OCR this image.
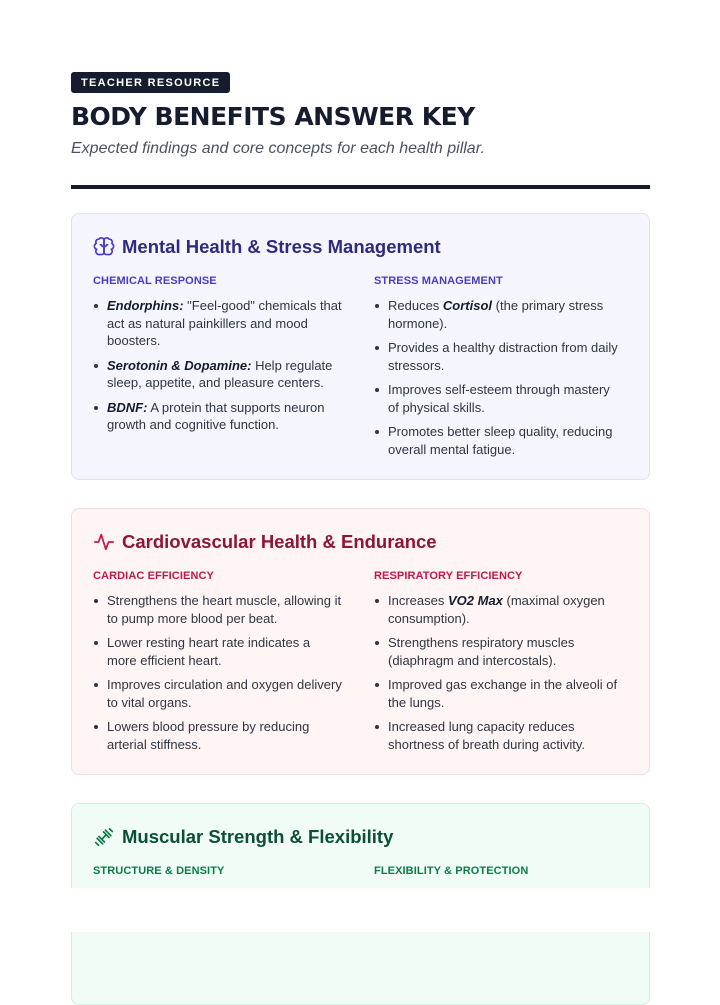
TEACHER RESOURCE
BODY BENEFITS ANSWER KEY

Expected findings and core concepts for each health pillar.

Mental Health & Stress Management
CHEMICAL RESPONSE
Endorphins: "Feel-good" chemicals that act as natural painkillers and mood boosters.
Serotonin & Dopamine: Help regulate sleep, appetite, and pleasure centers.
BDNF: A protein that supports neuron growth and cognitive function.
STRESS MANAGEMENT
Reduces Cortisol (the primary stress hormone).
Provides a healthy distraction from daily stressors.
Improves self-esteem through mastery of physical skills.
Promotes better sleep quality, reducing overall mental fatigue.
Cardiovascular Health & Endurance
CARDIAC EFFICIENCY
Strengthens the heart muscle, allowing it to pump more blood per beat.
Lower resting heart rate indicates a more efficient heart.
Improves circulation and oxygen delivery to vital organs.
Lowers blood pressure by reducing arterial stiffness.
RESPIRATORY EFFICIENCY
Increases VO2 Max (maximal oxygen consumption).
Strengthens respiratory muscles (diaphragm and intercostals).
Improved gas exchange in the alveoli of the lungs.
Increased lung capacity reduces shortness of breath during activity.
Muscular Strength & Flexibility
STRUCTURE & DENSITY	FLEXIBILITY & PROTECTION
